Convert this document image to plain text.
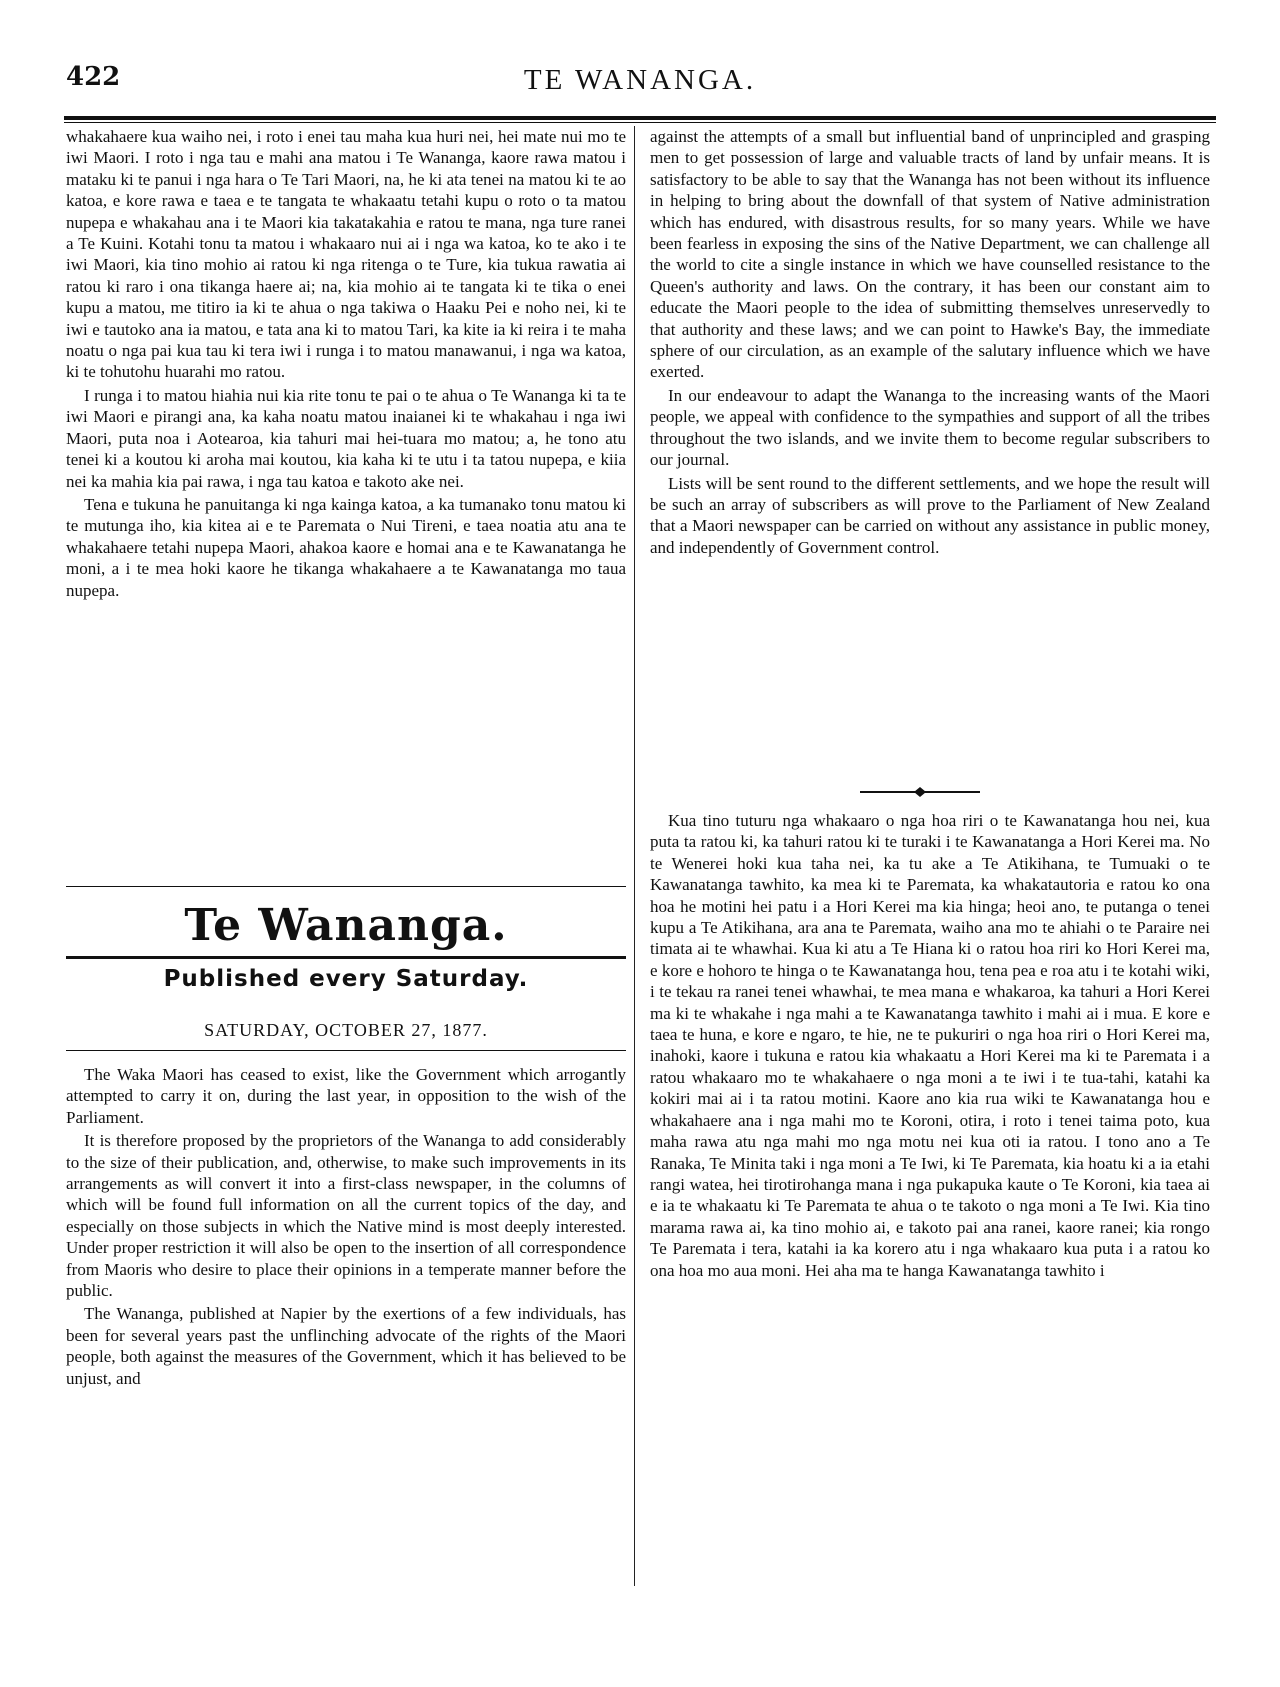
422	TE WANANGA.

whakahaere kua waiho nei, i roto i enei tau maha kua huri nei, hei mate nui mo te iwi Maori. I roto i nga tau e mahi ana matou i Te Wananga, kaore rawa matou i mataku ki te panui i nga hara o Te Tari Maori, na, he ki ata tenei na matou ki te ao katoa, e kore rawa e taea e te tangata te whakaatu tetahi kupu o roto o ta matou nupepa e whakahau ana i te Maori kia takatakahia e ratou te mana, nga ture ranei a Te Kuini. Kotahi tonu ta matou i whakaaro nui ai i nga wa katoa, ko te ako i te iwi Maori, kia tino mohio ai ratou ki nga ritenga o te Ture, kia tukua rawatia ai ratou ki raro i ona tikanga haere ai; na, kia mohio ai te tangata ki te tika o enei kupu a matou, me titiro ia ki te ahua o nga takiwa o Haaku Pei e noho nei, ki te iwi e tautoko ana ia matou, e tata ana ki to matou Tari, ka kite ia ki reira i te maha noatu o nga pai kua tau ki tera iwi i runga i to matou manawanui, i nga wa katoa, ki te tohutohu huarahi mo ratou.

I runga i to matou hiahia nui kia rite tonu te pai o te ahua o Te Wananga ki ta te iwi Maori e pirangi ana, ka kaha noatu matou inaianei ki te whakahau i nga iwi Maori, puta noa i Aotearoa, kia tahuri mai hei-tuara mo matou; a, he tono atu tenei ki a koutou ki aroha mai koutou, kia kaha ki te utu i ta tatou nupepa, e kiia nei ka mahia kia pai rawa, i nga tau katoa e takoto ake nei.

Tena e tukuna he panuitanga ki nga kainga katoa, a ka tumanako tonu matou ki te mutunga iho, kia kitea ai e te Paremata o Nui Tireni, e taea noatia atu ana te whakahaere tetahi nupepa Maori, ahakoa kaore e homai ana e te Kawanatanga he moni, a i te mea hoki kaore he tikanga whakahaere a te Kawanatanga mo taua nupepa.

Te Wananga.
Published every Saturday.
SATURDAY, OCTOBER 27, 1877.

The Waka Maori has ceased to exist, like the Government which arrogantly attempted to carry it on, during the last year, in opposition to the wish of the Parliament.

It is therefore proposed by the proprietors of the Wananga to add considerably to the size of their publication, and, otherwise, to make such improvements in its arrangements as will convert it into a first-class newspaper, in the columns of which will be found full information on all the current topics of the day, and especially on those subjects in which the Native mind is most deeply interested. Under proper restriction it will also be open to the insertion of all correspondence from Maoris who desire to place their opinions in a temperate manner before the public.

The Wananga, published at Napier by the exertions of a few individuals, has been for several years past the unflinching advocate of the rights of the Maori people, both against the measures of the Government, which it has believed to be unjust, and

against the attempts of a small but influential band of unprincipled and grasping men to get possession of large and valuable tracts of land by unfair means. It is satisfactory to be able to say that the Wananga has not been without its influence in helping to bring about the downfall of that system of Native administration which has endured, with disastrous results, for so many years. While we have been fearless in exposing the sins of the Native Department, we can challenge all the world to cite a single instance in which we have counselled resistance to the Queen's authority and laws. On the contrary, it has been our constant aim to educate the Maori people to the idea of submitting themselves unreservedly to that authority and these laws; and we can point to Hawke's Bay, the immediate sphere of our circulation, as an example of the salutary influence which we have exerted.

In our endeavour to adapt the Wananga to the increasing wants of the Maori people, we appeal with confidence to the sympathies and support of all the tribes throughout the two islands, and we invite them to become regular subscribers to our journal.

Lists will be sent round to the different settlements, and we hope the result will be such an array of subscribers as will prove to the Parliament of New Zealand that a Maori newspaper can be carried on without any assistance in public money, and independently of Government control.

Kua tino tuturu nga whakaaro o nga hoa riri o te Kawanatanga hou nei, kua puta ta ratou ki, ka tahuri ratou ki te turaki i te Kawanatanga a Hori Kerei ma. No te Wenerei hoki kua taha nei, ka tu ake a Te Atikihana, te Tumuaki o te Kawanatanga tawhito, ka mea ki te Paremata, ka whakatautoria e ratou ko ona hoa he motini hei patu i a Hori Kerei ma kia hinga; heoi ano, te putanga o tenei kupu a Te Atikihana, ara ana te Paremata, waiho ana mo te ahiahi o te Paraire nei timata ai te whawhai. Kua ki atu a Te Hiana ki o ratou hoa riri ko Hori Kerei ma, e kore e hohoro te hinga o te Kawanatanga hou, tena pea e roa atu i te kotahi wiki, i te tekau ra ranei tenei whawhai, te mea mana e whakaroa, ka tahuri a Hori Kerei ma ki te whakahe i nga mahi a te Kawanatanga tawhito i mahi ai i mua. E kore e taea te huna, e kore e ngaro, te hie, ne te pukuriri o nga hoa riri o Hori Kerei ma, inahoki, kaore i tukuna e ratou kia whakaatu a Hori Kerei ma ki te Paremata i a ratou whakaaro mo te whakahaere o nga moni a te iwi i te tua-tahi, katahi ka kokiri mai ai i ta ratou motini. Kaore ano kia rua wiki te Kawanatanga hou e whakahaere ana i nga mahi mo te Koroni, otira, i roto i tenei taima poto, kua maha rawa atu nga mahi mo nga motu nei kua oti ia ratou. I tono ano a Te Ranaka, Te Minita taki i nga moni a Te Iwi, ki Te Paremata, kia hoatu ki a ia etahi rangi watea, hei tirotirohanga mana i nga pukapuka kaute o Te Koroni, kia taea ai e ia te whakaatu ki Te Paremata te ahua o te takoto o nga moni a Te Iwi. Kia tino marama rawa ai, ka tino mohio ai, e takoto pai ana ranei, kaore ranei; kia rongo Te Paremata i tera, katahi ia ka korero atu i nga whakaaro kua puta i a ratou ko ona hoa mo aua moni. Hei aha ma te hanga Kawanatanga tawhito i
